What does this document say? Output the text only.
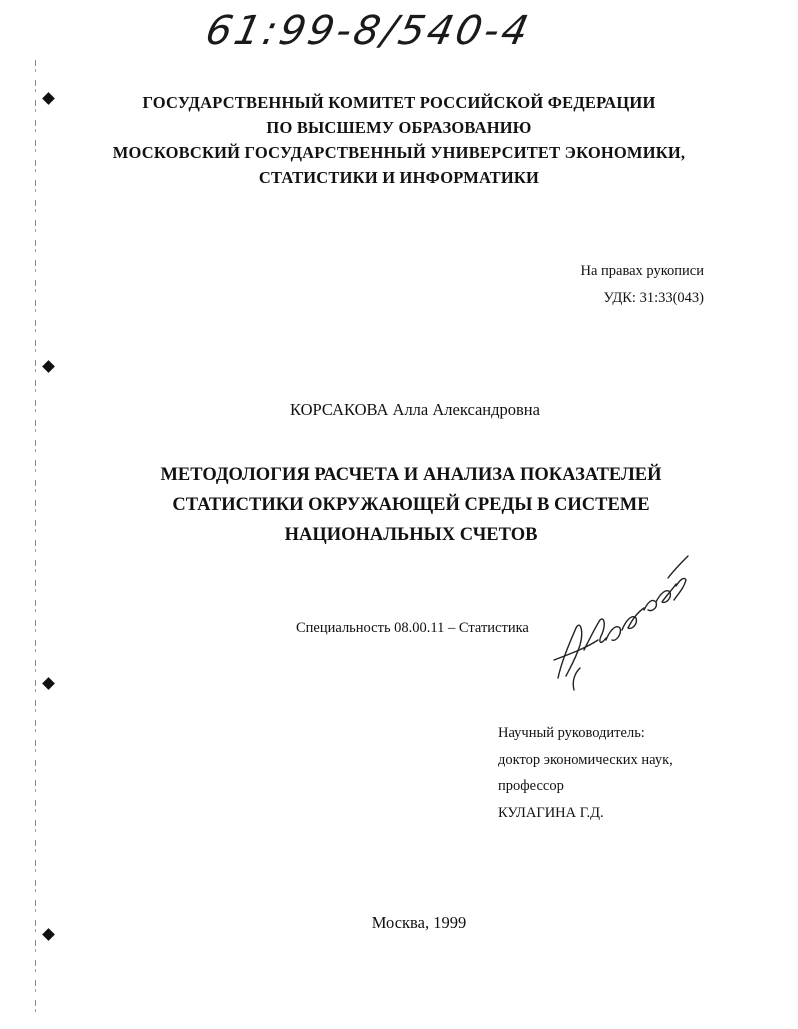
61:99-8/540-4
ГОСУДАРСТВЕННЫЙ КОМИТЕТ РОССИЙСКОЙ ФЕДЕРАЦИИ
ПО ВЫСШЕМУ ОБРАЗОВАНИЮ
МОСКОВСКИЙ ГОСУДАРСТВЕННЫЙ УНИВЕРСИТЕТ ЭКОНОМИКИ,
СТАТИСТИКИ И ИНФОРМАТИКИ
На правах рукописи
УДК: 31:33(043)
КОРСАКОВА Алла Александровна
МЕТОДОЛОГИЯ РАСЧЕТА И АНАЛИЗА ПОКАЗАТЕЛЕЙ
СТАТИСТИКИ ОКРУЖАЮЩЕЙ СРЕДЫ В СИСТЕМЕ
НАЦИОНАЛЬНЫХ СЧЕТОВ
Специальность 08.00.11 – Статистика
Научный руководитель:
доктор экономических наук,
профессор
КУЛАГИНА Г.Д.
Москва, 1999
